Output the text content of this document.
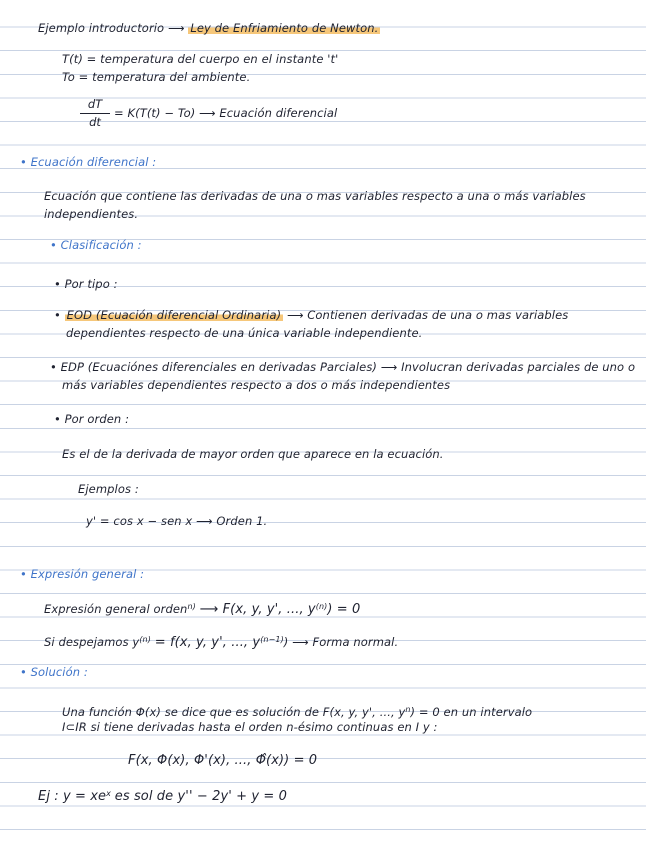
Ejemplo introductorio ⟶ Ley de Enfriamiento de Newton.
T(t) = temperatura del cuerpo en el instante 't'
To = temperatura del ambiente.
dT
dt
= K(T(t) − To) ⟶ Ecuación diferencial
• Ecuación diferencial :
Ecuación que contiene las derivadas de una o mas variables respecto a una o más variables
independientes.
• Clasificación :
• Por tipo :
• EOD (Ecuación diferencial Ordinaria) ⟶ Contienen derivadas de una o mas variables
dependientes respecto de una única variable independiente.
• EDP (Ecuaciónes diferenciales en derivadas Parciales) ⟶ Involucran derivadas parciales de uno o
más variables dependientes respecto a dos o más independientes
• Por orden :
Es el de la derivada de mayor orden que aparece en la ecuación.
Ejemplos :
y' = cos x − sen x ⟶ Orden 1.
• Expresión general :
Expresión general orden$^{n)}$ ⟶ F(x, y, y', ..., $y^{(n)}) = 0$
Si despejamos $y^{(n)} = f(x$, y, y', ..., $y^{(n-1)}$) ⟶ Forma normal.
• Solución :
Una función Φ(x) se dice que es solución de F(x, y, y', ..., $y^n) = 0$ en un intervalo
I⊂IR si tiene derivadas hasta el orden n-ésimo continuas en I y :
F(x, Φ(x), Φ'(x), ..., Φ̂(x)) = 0
Ej : $y = xe^x$ es sol de y'' − 2y' + y = 0
